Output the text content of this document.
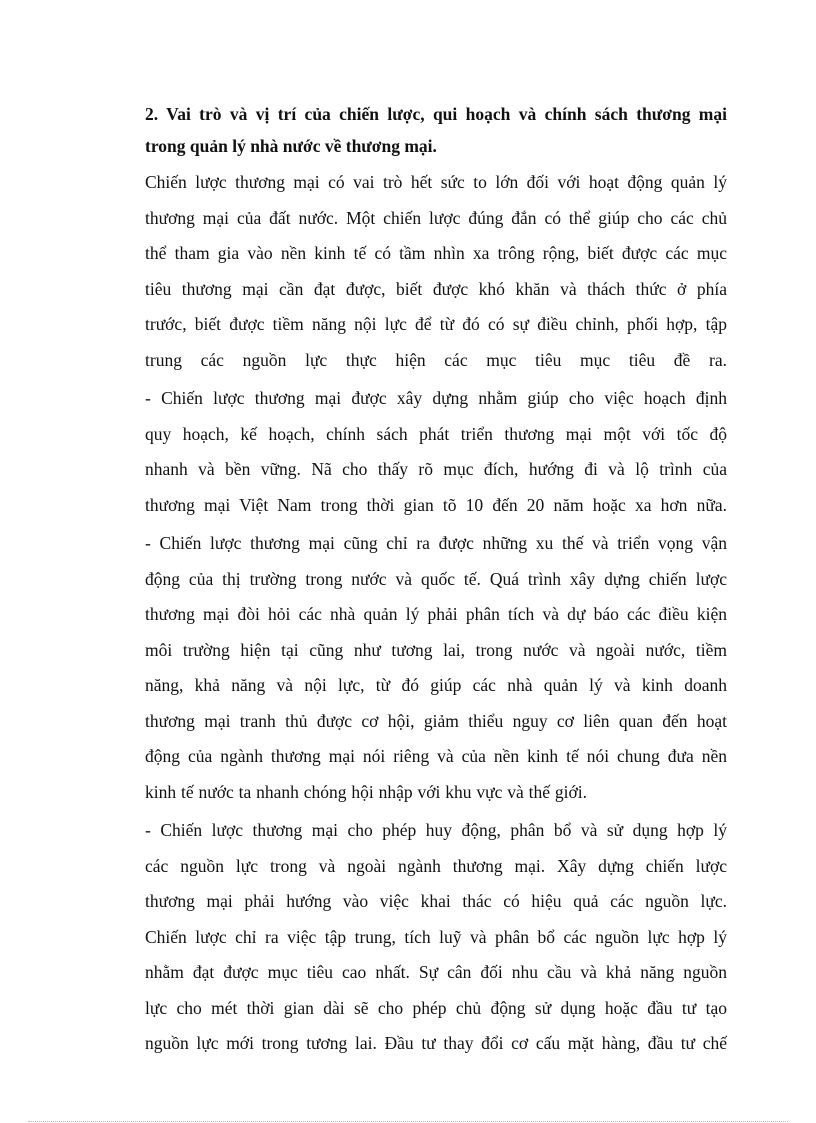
2. Vai trò và vị trí của chiến lược, qui hoạch và chính sách thương mại
trong quản lý nhà nước về thương mại.
Chiến lược thương mại có vai trò hết sức to lớn đối với hoạt động quản lý
thương mại của đất nước. Một chiến lược đúng đắn có thể giúp cho các chủ
thể tham gia vào nền kinh tế có tầm nhìn xa trông rộng, biết được các mục
tiêu thương mại cần đạt được, biết được khó khăn và thách thức ở phía
trước, biết được tiềm năng nội lực để từ đó có sự điều chỉnh, phối hợp, tập
trung các nguồn lực thực hiện các mục tiêu mục tiêu đề ra.
- Chiến lược thương mại được xây dựng nhằm giúp cho việc hoạch định
quy hoạch, kế hoạch, chính sách phát triển thương mại một với tốc độ
nhanh và bền vững. Nã cho thấy rõ mục đích, hướng đi và lộ trình của
thương mại Việt Nam trong thời gian tõ 10 đến 20 năm hoặc xa hơn nữa.
- Chiến lược thương mại cũng chỉ ra được những xu thế và triển vọng vận
động của thị trường trong nước và quốc tế. Quá trình xây dựng chiến lược
thương mại đòi hỏi các nhà quản lý phải phân tích và dự báo các điều kiện
môi trường hiện tại cũng như tương lai, trong nước và ngoài nước, tiềm
năng, khả năng và nội lực, từ đó giúp các nhà quản lý và kinh doanh
thương mại tranh thủ được cơ hội, giảm thiểu nguy cơ liên quan đến hoạt
động của ngành thương mại nói riêng và của nền kinh tế nói chung đưa nền
kinh tế nước ta nhanh chóng hội nhập với khu vực và thế giới.
- Chiến lược thương mại cho phép huy động, phân bổ và sử dụng hợp lý
các nguồn lực trong và ngoài ngành thương mại. Xây dựng chiến lược
thương mại phải hướng vào việc khai thác có hiệu quả các nguồn lực.
Chiến lược chỉ ra việc tập trung, tích luỹ và phân bổ các nguồn lực hợp lý
nhằm đạt được mục tiêu cao nhất. Sự cân đối nhu cầu và khả năng nguồn
lực cho mét thời gian dài sẽ cho phép chủ động sử dụng hoặc đầu tư tạo
nguồn lực mới trong tương lai. Đầu tư thay đổi cơ cấu mặt hàng, đầu tư chế
